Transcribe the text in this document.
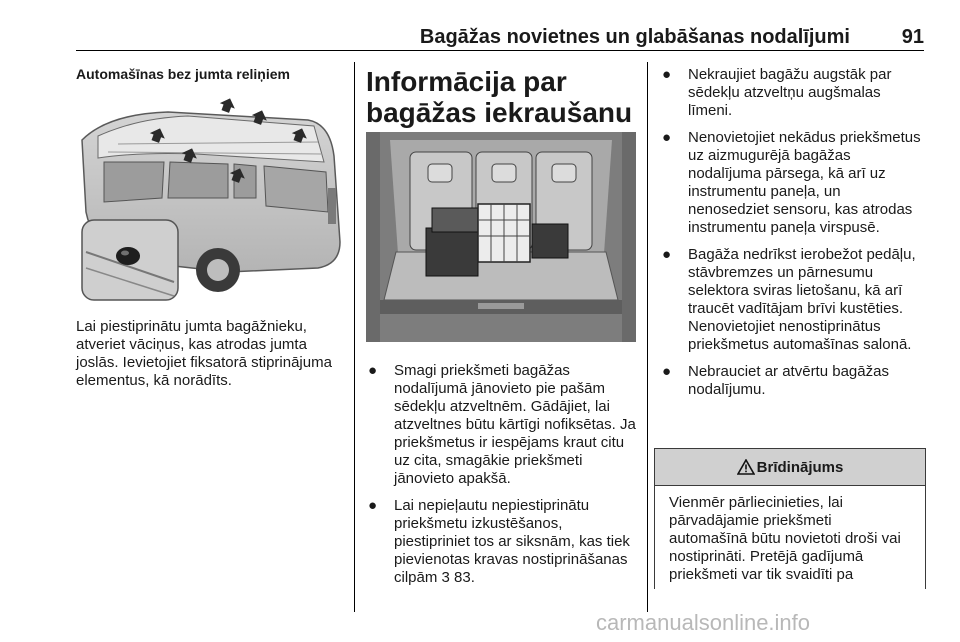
Bagāžas novietnes un glabāšanas nodalījumi	91
Automašīnas bez jumta reliņiem
Lai piestiprinātu jumta bagāžnieku, atveriet vāciņus, kas atrodas jumta joslās. Ievietojiet fiksatorā stiprinājuma elementus, kā norādīts.
Informācija par bagāžas iekraušanu
● Smagi priekšmeti bagāžas nodalījumā jānovieto pie pašām sēdekļu atzveltnēm. Gādājiet, lai atzveltnes būtu kārtīgi nofiksētas. Ja priekšmetus ir iespējams kraut citu uz cita, smagākie priekšmeti jānovieto apakšā.
● Lai nepieļautu nepiestiprinātu priekšmetu izkustēšanos, piestipriniet tos ar siksnām, kas tiek pievienotas kravas nostiprināšanas cilpām 3 83.
● Nekraujiet bagāžu augstāk par sēdekļu atzveltņu augšmalas līmeni.
● Nenovietojiet nekādus priekšmetus uz aizmugurējā bagāžas nodalījuma pārsega, kā arī uz instrumentu paneļa, un nenosedziet sensoru, kas atrodas instrumentu paneļa virspusē.
● Bagāža nedrīkst ierobežot pedāļu, stāvbremzes un pārnesumu selektora sviras lietošanu, kā arī traucēt vadītājam brīvi kustēties. Nenovietojiet nenostiprinātus priekšmetus automašīnas salonā.
● Nebrauciet ar atvērtu bagāžas nodalījumu.
Brīdinājums
Vienmēr pārliecinieties, lai pārvadājamie priekšmeti automašīnā būtu novietoti droši vai nostiprināti. Pretējā gadījumā priekšmeti var tik svaidīti pa
carmanualsonline.info
